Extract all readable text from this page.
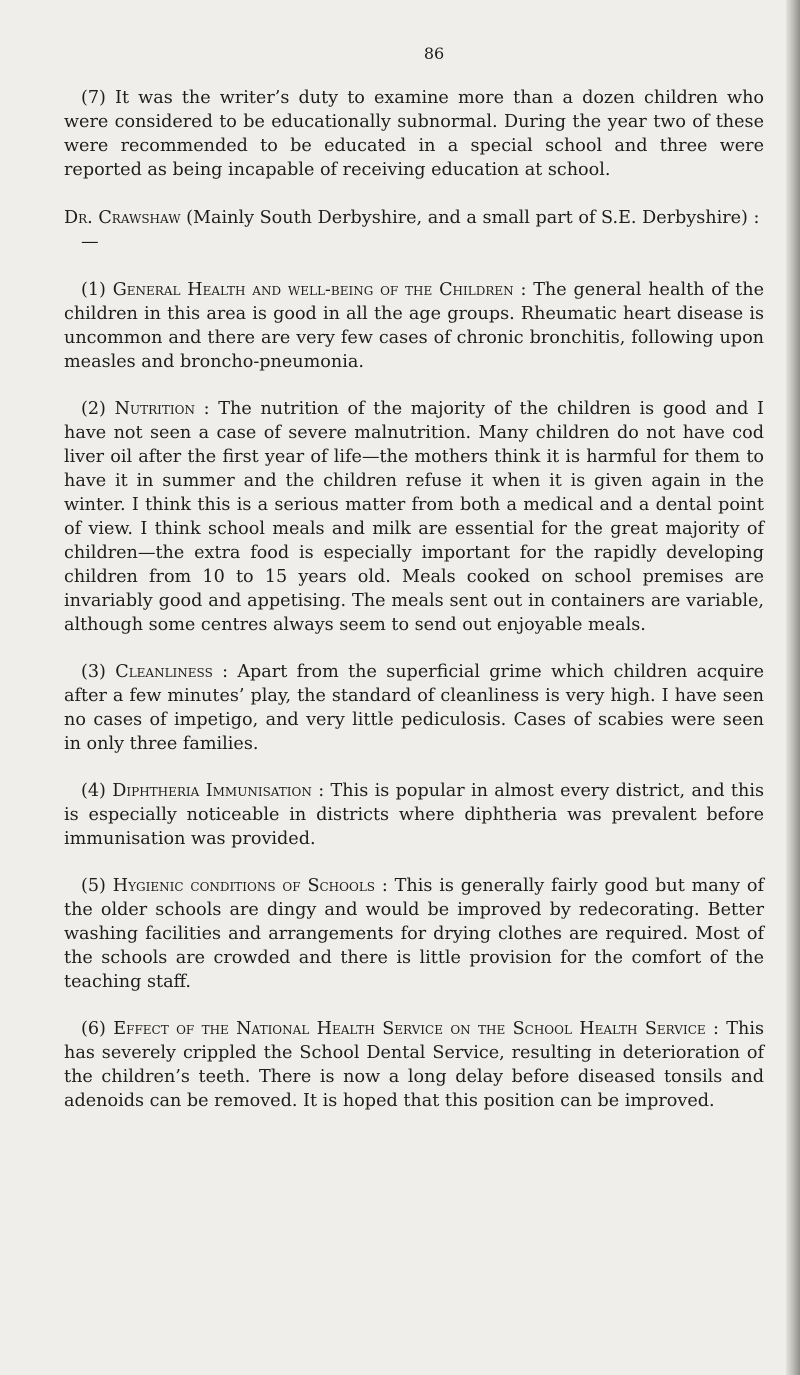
86

(7) It was the writer’s duty to examine more than a dozen children who were considered to be educationally subnormal. During the year two of these were recommended to be educated in a special school and three were reported as being incapable of receiving education at school.

Dr. Crawshaw (Mainly South Derbyshire, and a small part of S.E. Derbyshire) :—

(1) General Health and well-being of the Children : The general health of the children in this area is good in all the age groups. Rheumatic heart disease is uncommon and there are very few cases of chronic bronchitis, following upon measles and broncho-pneumonia.

(2) Nutrition : The nutrition of the majority of the children is good and I have not seen a case of severe malnutrition. Many children do not have cod liver oil after the first year of life—the mothers think it is harmful for them to have it in summer and the children refuse it when it is given again in the winter. I think this is a serious matter from both a medical and a dental point of view. I think school meals and milk are essential for the great majority of children—the extra food is especially important for the rapidly developing children from 10 to 15 years old. Meals cooked on school premises are invariably good and appetising. The meals sent out in containers are variable, although some centres always seem to send out enjoyable meals.

(3) Cleanliness : Apart from the superficial grime which children acquire after a few minutes’ play, the standard of cleanliness is very high. I have seen no cases of impetigo, and very little pediculosis. Cases of scabies were seen in only three families.

(4) Diphtheria Immunisation : This is popular in almost every district, and this is especially noticeable in districts where diphtheria was prevalent before immunisation was provided.

(5) Hygienic conditions of Schools : This is generally fairly good but many of the older schools are dingy and would be improved by redecorating. Better washing facilities and arrangements for drying clothes are required. Most of the schools are crowded and there is little provision for the comfort of the teaching staff.

(6) Effect of the National Health Service on the School Health Service : This has severely crippled the School Dental Service, resulting in deterioration of the children’s teeth. There is now a long delay before diseased tonsils and adenoids can be removed. It is hoped that this position can be improved.
